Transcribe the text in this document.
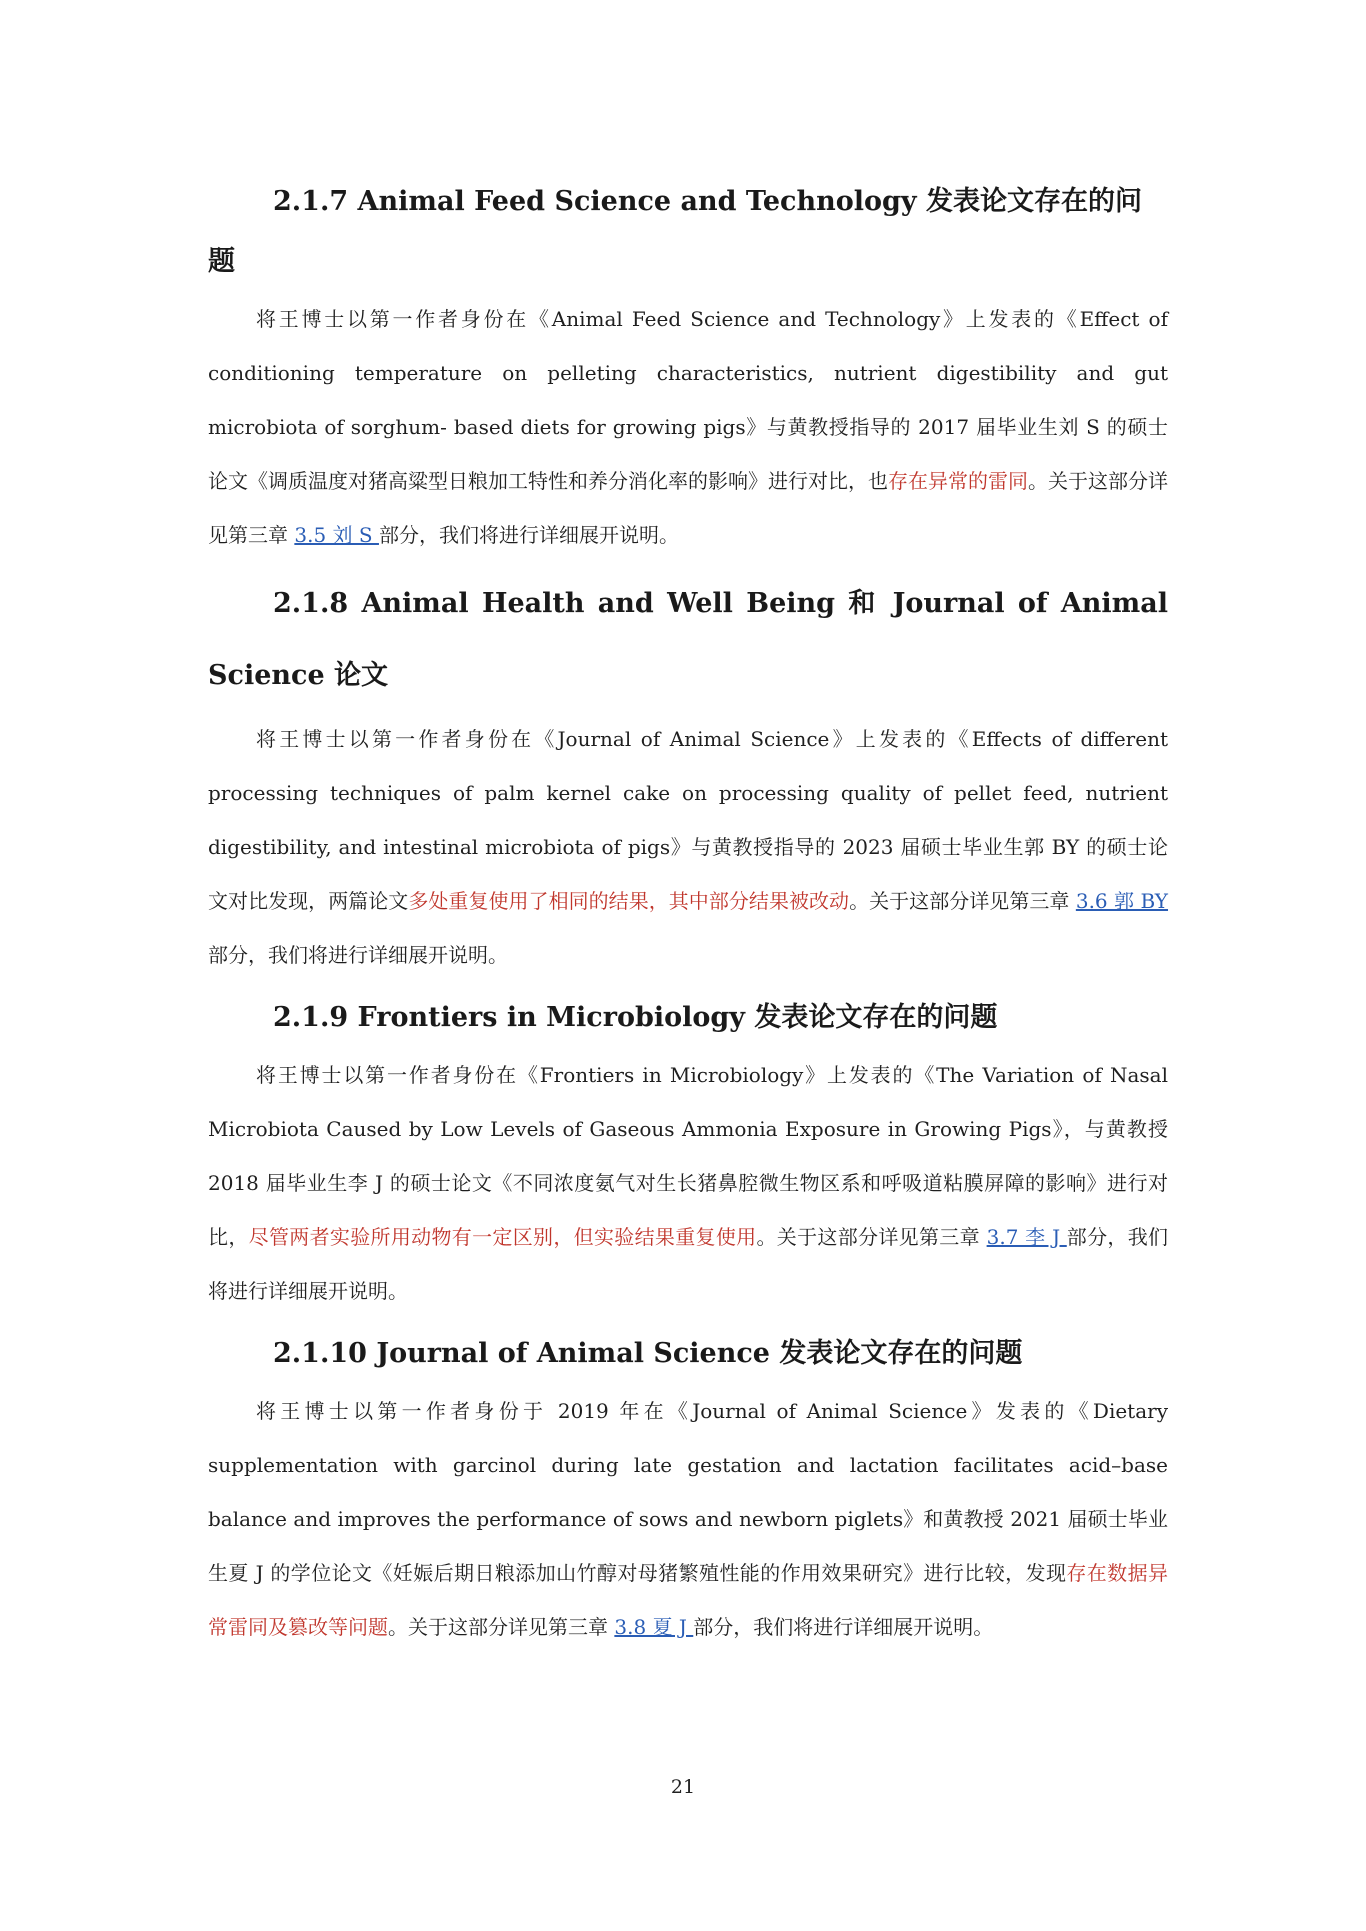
2.1.7 Animal Feed Science and Technology 发表论文存在的问题

将王博士以第一作者身份在《Animal Feed Science and Technology》上发表的《Effect of conditioning temperature on pelleting characteristics, nutrient digestibility and gut microbiota of sorghum- based diets for growing pigs》与黄教授指导的 2017 届毕业生刘 S 的硕士论文《调质温度对猪高粱型日粮加工特性和养分消化率的影响》进行对比，也存在异常的雷同。关于这部分详见第三章 3.5 刘 S 部分，我们将进行详细展开说明。

2.1.8 Animal Health and Well Being 和 Journal of Animal Science 论文

将王博士以第一作者身份在《Journal of Animal Science》上发表的《Effects of different processing techniques of palm kernel cake on processing quality of pellet feed, nutrient digestibility, and intestinal microbiota of pigs》与黄教授指导的 2023 届硕士毕业生郭 BY 的硕士论文对比发现，两篇论文多处重复使用了相同的结果，其中部分结果被改动。关于这部分详见第三章 3.6 郭 BY 部分，我们将进行详细展开说明。

2.1.9 Frontiers in Microbiology 发表论文存在的问题

将王博士以第一作者身份在《Frontiers in Microbiology》上发表的《The Variation of Nasal Microbiota Caused by Low Levels of Gaseous Ammonia Exposure in Growing Pigs》，与黄教授 2018 届毕业生李 J 的硕士论文《不同浓度氨气对生长猪鼻腔微生物区系和呼吸道粘膜屏障的影响》进行对比，尽管两者实验所用动物有一定区别，但实验结果重复使用。关于这部分详见第三章 3.7 李 J 部分，我们将进行详细展开说明。

2.1.10 Journal of Animal Science 发表论文存在的问题

将王博士以第一作者身份于 2019 年在《Journal of Animal Science》发表的《Dietary supplementation with garcinol during late gestation and lactation facilitates acid–base balance and improves the performance of sows and newborn piglets》和黄教授 2021 届硕士毕业生夏 J 的学位论文《妊娠后期日粮添加山竹醇对母猪繁殖性能的作用效果研究》进行比较，发现存在数据异常雷同及篡改等问题。关于这部分详见第三章 3.8 夏 J 部分，我们将进行详细展开说明。

21
